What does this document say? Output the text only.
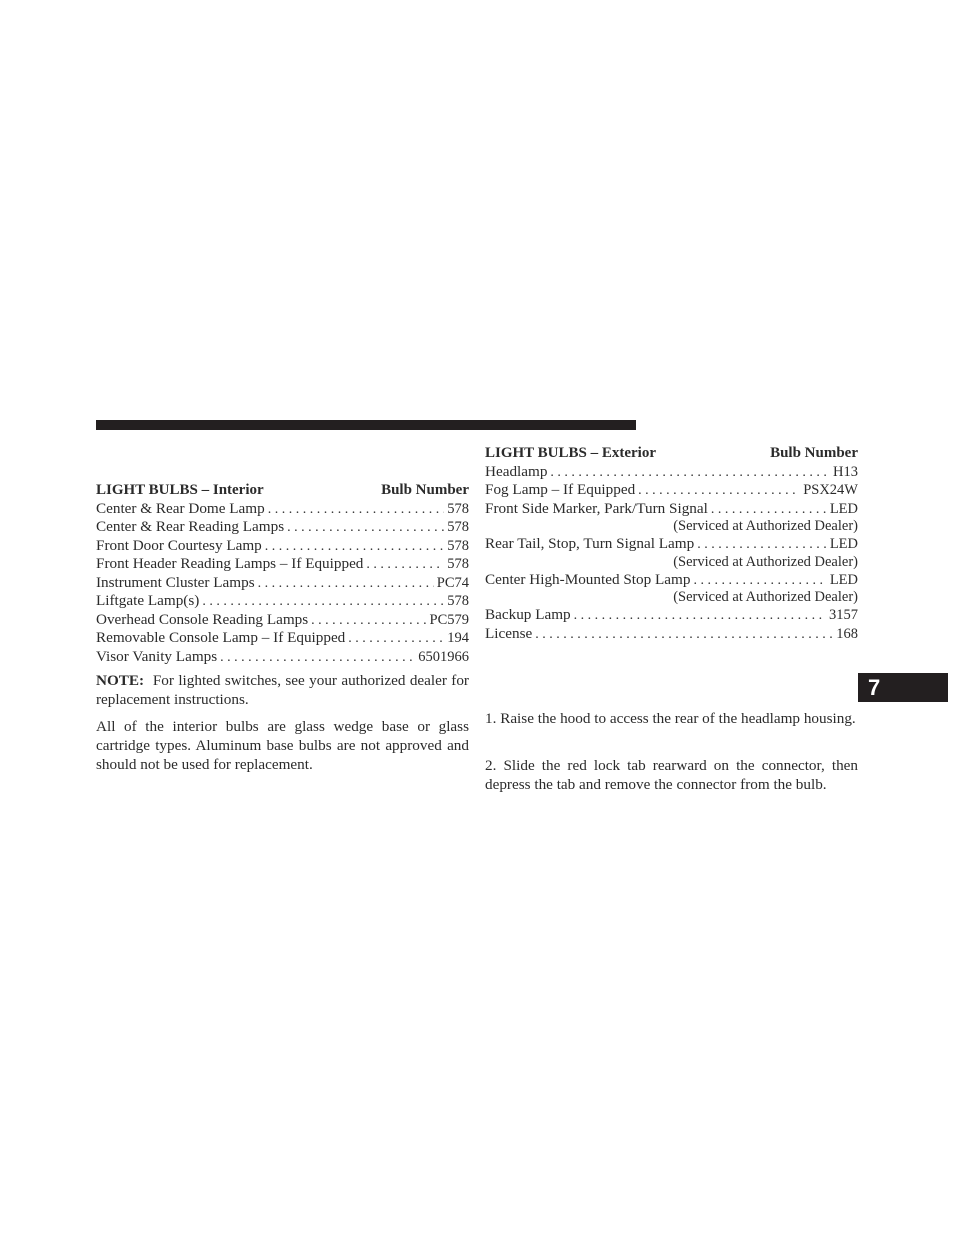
LIGHT BULBS – Interior	Bulb Number
Center & Rear Dome Lamp . . .	578
Center & Rear Reading Lamps . . .	578
Front Door Courtesy Lamp . . .	578
Front Header Reading Lamps – If Equipped . . .	578
Instrument Cluster Lamps . . .	PC74
Liftgate Lamp(s) . . .	578
Overhead Console Reading Lamps . . .	PC579
Removable Console Lamp – If Equipped . . .	194
Visor Vanity Lamps . . .	6501966

NOTE: For lighted switches, see your authorized dealer for replacement instructions.

All of the interior bulbs are glass wedge base or glass cartridge types. Aluminum base bulbs are not approved and should not be used for replacement.

LIGHT BULBS – Exterior	Bulb Number
Headlamp . . .	H13
Fog Lamp – If Equipped . . .	PSX24W
Front Side Marker, Park/Turn Signal . . .	LED
(Serviced at Authorized Dealer)
Rear Tail, Stop, Turn Signal Lamp . . .	LED
(Serviced at Authorized Dealer)
Center High-Mounted Stop Lamp . . .	LED
(Serviced at Authorized Dealer)
Backup Lamp . . .	3157
License . . .	168

1. Raise the hood to access the rear of the headlamp housing.

2. Slide the red lock tab rearward on the connector, then depress the tab and remove the connector from the bulb.

7
